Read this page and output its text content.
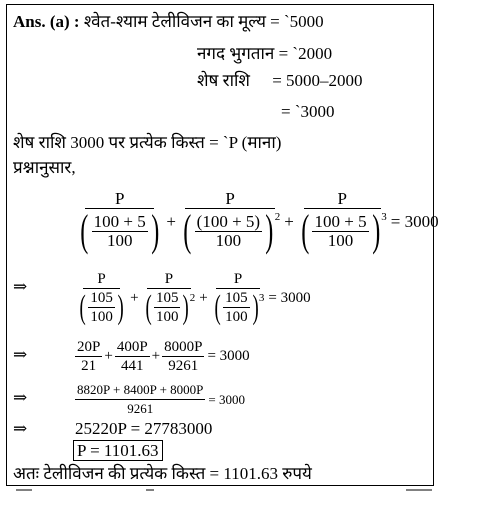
Ans. (a) : श्वेत-श्याम टेलीविजन का मूल्य = `5000
नगद भुगतान = `2000
शेष राशि = 5000–2000
= `3000
शेष राशि 3000 पर प्रत्येक किस्त = `P (माना)
प्रश्नानुसार,
P
( $\frac{100 + 5}{100}$ ) +
P
( $\frac{(100 + 5)}{100}$ ) 2 +
P
( $\frac{100 + 5}{100}$ ) 3 = 3000
⇒	$\frac{P}{( \frac{105}{100} )}$ +
P
( $\frac{105}{100}$ ) 2 +
P
( $\frac{105}{100}$ ) 3 = 3000
⇒	$\frac{20P}{21} + \frac{400P}{441} + \frac{8000P}{9261} = 3000$
⇒	$\frac{8820P + 8400P + 8000P}{9261} = 3000$
⇒	25220P = 27783000
P = 1101.63
अतः टेलीविजन की प्रत्येक किस्त = 1101.63 रुपये
